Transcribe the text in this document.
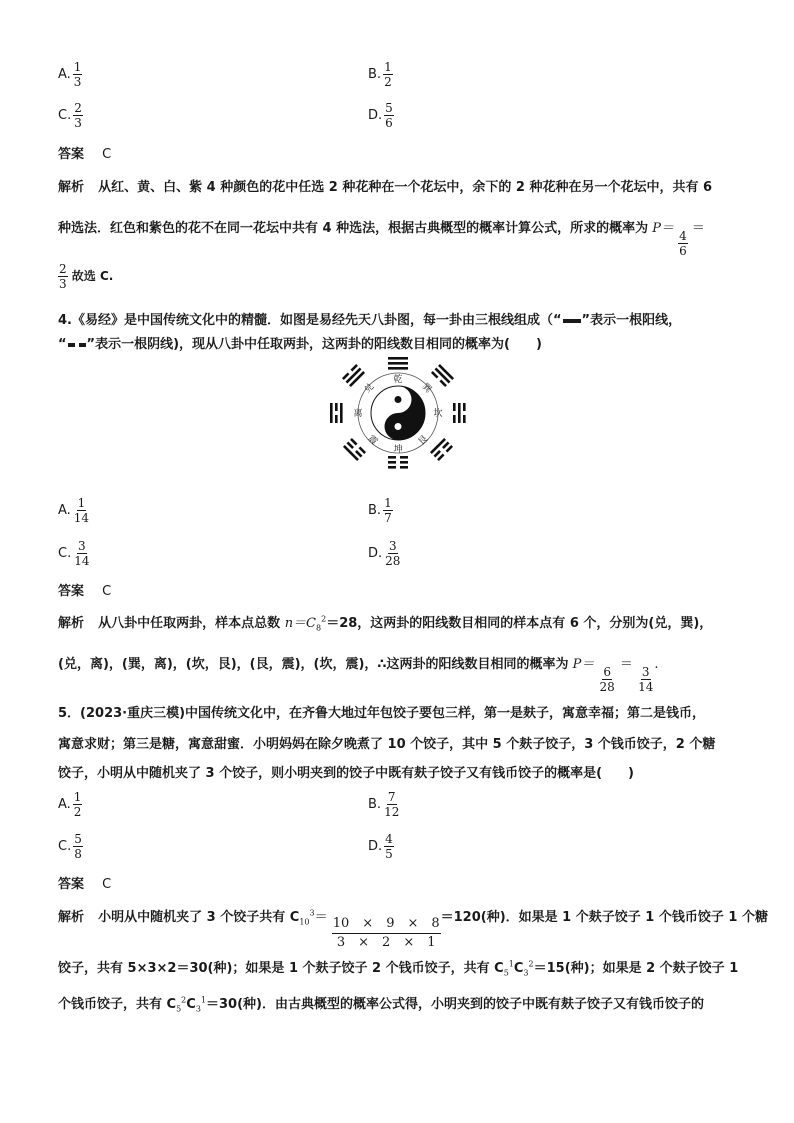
A. $\frac{1}{3}$	B. $\frac{1}{2}$
C. $\frac{2}{3}$	D. $\frac{5}{6}$
答案 C
解析 从红、黄、白、紫 4 种颜色的花中任选 2 种花种在一个花坛中，余下的 2 种花种在另一个花坛中，共有 6
种选法．红色和紫色的花不在同一花坛中共有 4 种选法，根据古典概型的概率计算公式，所求的概率为 P＝
$\frac{4}{6}$
＝
$\frac{2}{3}$ 故选 C.
4.《易经》是中国传统文化中的精髓．如图是易经先天八卦图，每一卦由三根线组成（“ ”表示一根阳线，
“ ”表示一根阴线)，现从八卦中任取两卦，这两卦的阳线数目相同的概率为(　　)
乾
坤
离	坎
兑	巽
震	艮
A. $\frac{1}{14}$	B. $\frac{1}{7}$
C. $\frac{3}{14}$	D. $\frac{3}{28}$
答案 C
解析 从八卦中任取两卦，样本点总数 $n=C_8^2=28$，这两卦的阳线数目相同的样本点有 6 个，分别为(兑，巽)，
(兑，离)，(巽，离)，(坎，艮)，(艮，震)，(坎，震)，∴这两卦的阳线数目相同的概率为 P＝
$\frac{6}{28}$
＝
$\frac{3}{14}$
.
5．(2023·重庆三模)中国传统文化中，在齐鲁大地过年包饺子要包三样，第一是麸子，寓意幸福；第二是钱币，
寓意求财；第三是糖，寓意甜蜜．小明妈妈在除夕晚煮了 10 个饺子，其中 5 个麸子饺子，3 个钱币饺子，2 个糖
饺子，小明从中随机夹了 3 个饺子，则小明夹到的饺子中既有麸子饺子又有钱币饺子的概率是(　　)
A. $\frac{1}{2}$	B. $\frac{7}{12}$
C. $\frac{5}{8}$	D. $\frac{4}{5}$
答案 C
解析 小明从中随机夹了 3 个饺子共有 $C_{10}^3= \frac{10 \times 9 \times 8}{3 \times 2 \times 1} =120$(种)．如果是 1 个麸子饺子 1 个钱币饺子 1 个糖
饺子，共有 5×3×2＝30(种)；如果是 1 个麸子饺子 2 个钱币饺子，共有 $C_5^1C_3^2=15$(种)；如果是 2 个麸子饺子 1
个钱币饺子，共有 $C_5^2C_3^1=30$(种)．由古典概型的概率公式得，小明夹到的饺子中既有麸子饺子又有钱币饺子的
